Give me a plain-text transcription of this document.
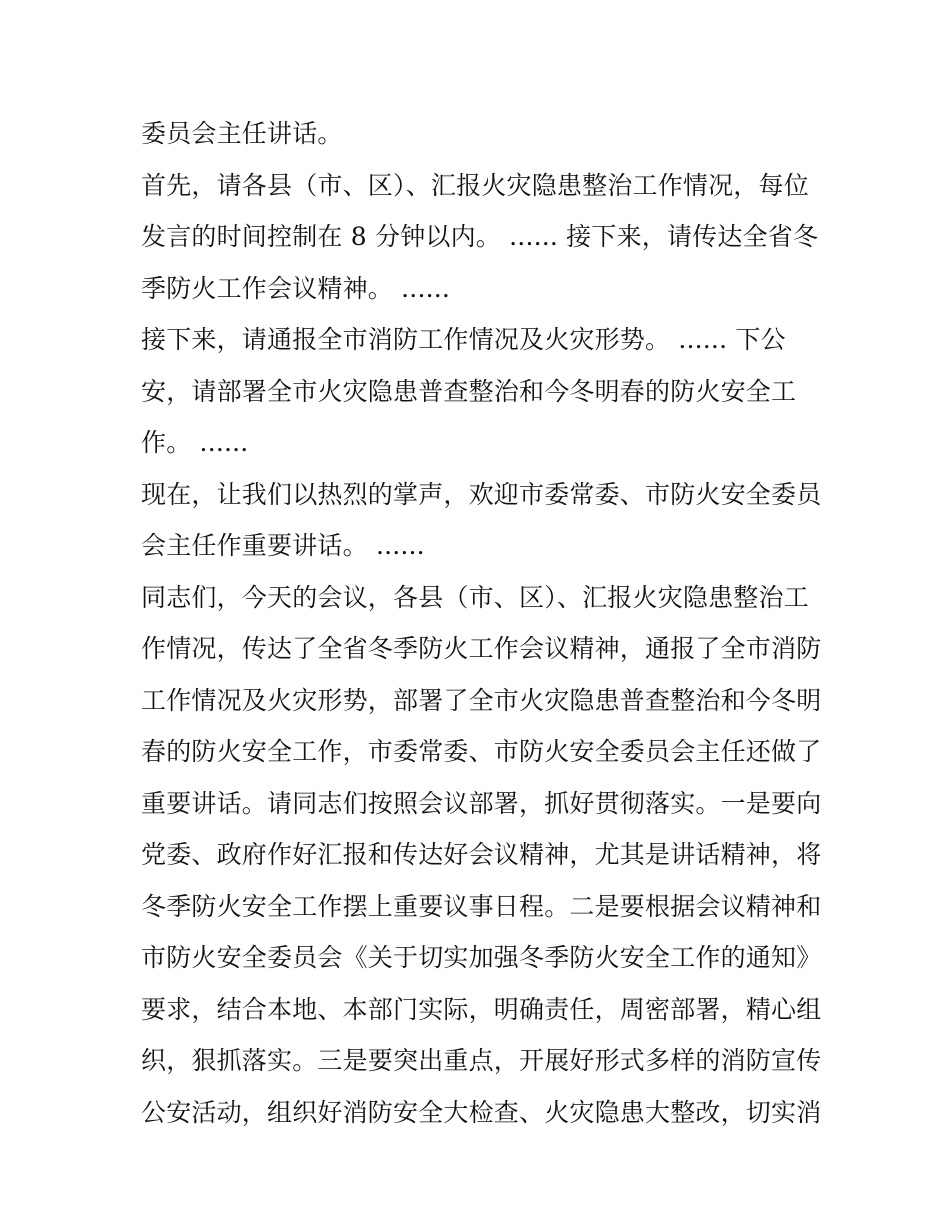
委员会主任讲话。
首先，请各县（市、区）、汇报火灾隐患整治工作情况，每位
发言的时间控制在 8 分钟以内。 ...... 接下来，请传达全省冬
季防火工作会议精神。 ......
接下来，请通报全市消防工作情况及火灾形势。 ...... 下公
安，请部署全市火灾隐患普查整治和今冬明春的防火安全工
作。 ......
现在，让我们以热烈的掌声，欢迎市委常委、市防火安全委员
会主任作重要讲话。 ......
同志们，今天的会议，各县（市、区）、汇报火灾隐患整治工
作情况，传达了全省冬季防火工作会议精神，通报了全市消防
工作情况及火灾形势，部署了全市火灾隐患普查整治和今冬明
春的防火安全工作，市委常委、市防火安全委员会主任还做了
重要讲话。请同志们按照会议部署，抓好贯彻落实。一是要向
党委、政府作好汇报和传达好会议精神，尤其是讲话精神，将
冬季防火安全工作摆上重要议事日程。二是要根据会议精神和
市防火安全委员会《关于切实加强冬季防火安全工作的通知》
要求，结合本地、本部门实际，明确责任，周密部署，精心组
织，狠抓落实。三是要突出重点，开展好形式多样的消防宣传
公安活动，组织好消防安全大检查、火灾隐患大整改，切实消
